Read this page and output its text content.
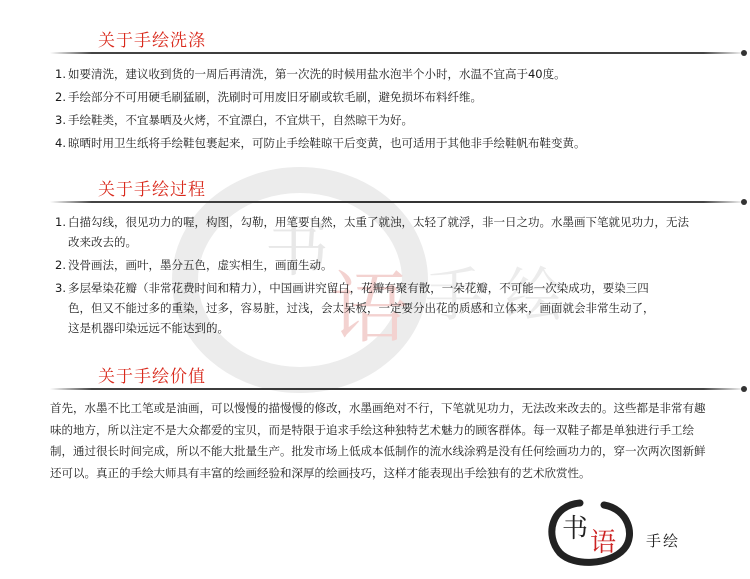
书
语 手 绘
关于手绘洗涤
1. 如要清洗，建议收到货的一周后再清洗，第一次洗的时候用盐水泡半个小时，水温不宜高于40度。
2. 手绘部分不可用硬毛刷猛刷，洗刷时可用废旧牙刷或软毛刷，避免损坏布料纤维。
3. 手绘鞋类，不宜暴晒及火烤，不宜漂白，不宜烘干，自然晾干为好。
4. 晾晒时用卫生纸将手绘鞋包裹起来，可防止手绘鞋晾干后变黄，也可适用于其他非手绘鞋帆布鞋变黄。
关于手绘过程
1. 白描勾线，很见功力的喔，构图，勾勒，用笔要自然，太重了就浊，太轻了就浮，非一日之功。水墨画下笔就见功力，无法改来改去的。
2. 没骨画法，画叶，墨分五色，虚实相生，画面生动。
3. 多层晕染花瓣（非常花费时间和精力），中国画讲究留白，花瓣有聚有散，一朵花瓣，不可能一次染成功，要染三四色，但又不能过多的重染，过多，容易脏，过浅，会太呆板，一定要分出花的质感和立体来，画面就会非常生动了，这是机器印染远远不能达到的。
关于手绘价值
首先，水墨不比工笔或是油画，可以慢慢的描慢慢的修改，水墨画绝对不行，下笔就见功力，无法改来改去的。这些都是非常有趣味的地方，所以注定不是大众都爱的宝贝，而是特限于追求手绘这种独特艺术魅力的顾客群体。每一双鞋子都是单独进行手工绘制，通过很长时间完成，所以不能大批量生产。批发市场上低成本低制作的流水线涂鸦是没有任何绘画功力的，穿一次两次图新鲜还可以。真正的手绘大师具有丰富的绘画经验和深厚的绘画技巧，这样才能表现出手绘独有的艺术欣赏性。
书 语 手绘
